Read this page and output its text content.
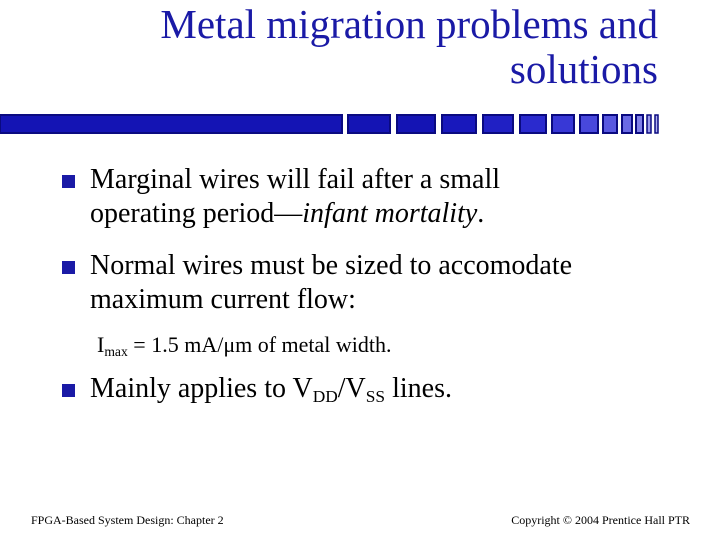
Metal migration problems and
solutions
Marginal wires will fail after a small
operating period—infant mortality.
Normal wires must be sized to accomodate
maximum current flow:
$I_{max} = 1.5$ mA/μm of metal width.
Mainly applies to $V_{DD}/V_{SS}$ lines.
FPGA-Based System Design: Chapter 2	Copyright © 2004 Prentice Hall PTR
